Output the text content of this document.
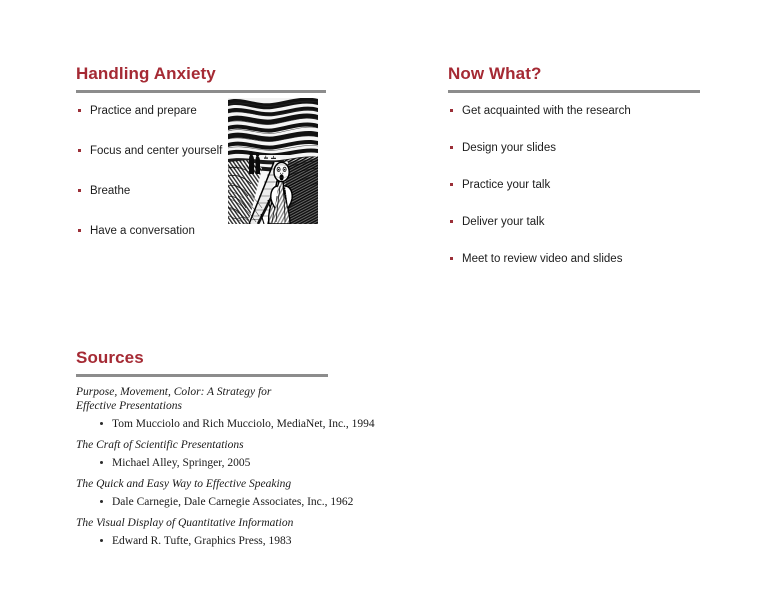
Handling Anxiety
Practice and prepare
Focus and center yourself
Breathe
Have a conversation
Now What?
Get acquainted with the research
Design your slides
Practice your talk
Deliver your talk
Meet to review video and slides
Sources

Purpose, Movement, Color: A Strategy for Effective Presentations

Tom Mucciolo and Rich Mucciolo, MediaNet, Inc., 1994

The Craft of Scientific Presentations

Michael Alley, Springer, 2005

The Quick and Easy Way to Effective Speaking

Dale Carnegie, Dale Carnegie Associates, Inc., 1962

The Visual Display of Quantitative Information

Edward R. Tufte, Graphics Press, 1983
